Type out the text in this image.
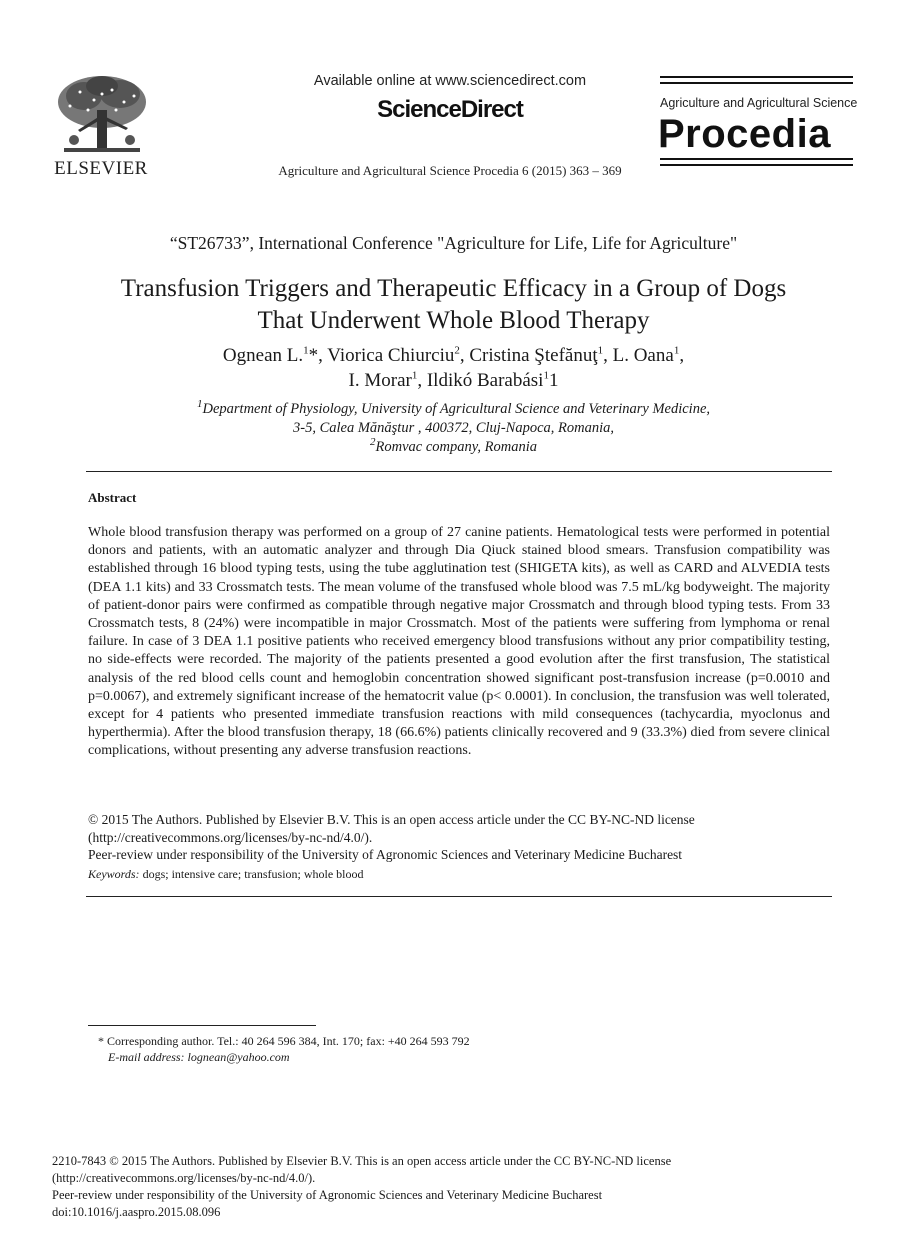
ELSEVIER
Available online at www.sciencedirect.com
ScienceDirect
Agriculture and Agricultural Science Procedia 6 (2015) 363 – 369
Agriculture and Agricultural Science
Procedia
“ST26733”, International Conference "Agriculture for Life, Life for Agriculture"
Transfusion Triggers and Therapeutic Efficacy in a Group of Dogs
That Underwent Whole Blood Therapy
Ognean L.$^1$*, Viorica Chiurciu$^2$, Cristina Ştefănuţ$^1$, L. Oana$^1$,
I. Morar$^1$, Ildikó Barabási$^1$1
$^1$Department of Physiology, University of Agricultural Science and Veterinary Medicine,
3-5, Calea Mănăştur , 400372, Cluj-Napoca, Romania,
$^2$Romvac company, Romania
Abstract
Whole blood transfusion therapy was performed on a group of 27 canine patients. Hematological tests were performed in potential donors and patients, with an automatic analyzer and through Dia Qiuck stained blood smears. Transfusion compatibility was established through 16 blood typing tests, using the tube agglutination test (SHIGETA kits), as well as CARD and ALVEDIA tests (DEA 1.1 kits) and 33 Crossmatch tests. The mean volume of the transfused whole blood was 7.5 mL/kg bodyweight. The majority of patient-donor pairs were confirmed as compatible through negative major Crossmatch and through blood typing tests. From 33 Crossmatch tests, 8 (24%) were incompatible in major Crossmatch. Most of the patients were suffering from lymphoma or renal failure. In case of 3 DEA 1.1 positive patients who received emergency blood transfusions without any prior compatibility testing, no side-effects were recorded. The majority of the patients presented a good evolution after the first transfusion, The statistical analysis of the red blood cells count and hemoglobin concentration showed significant post-transfusion increase (p=0.0010 and p=0.0067), and extremely significant increase of the hematocrit value (p< 0.0001). In conclusion, the transfusion was well tolerated, except for 4 patients who presented immediate transfusion reactions with mild consequences (tachycardia, myoclonus and hyperthermia). After the blood transfusion therapy, 18 (66.6%) patients clinically recovered and 9 (33.3%) died from severe clinical complications, without presenting any adverse transfusion reactions.
© 2015 The Authors. Published by Elsevier B.V. This is an open access article under the CC BY-NC-ND license
(http://creativecommons.org/licenses/by-nc-nd/4.0/).
Peer-review under responsibility of the University of Agronomic Sciences and Veterinary Medicine Bucharest
Keywords: dogs; intensive care; transfusion; whole blood
* Corresponding author. Tel.: 40 264 596 384, Int. 170; fax: +40 264 593 792
E-mail address: lognean@yahoo.com
2210-7843 © 2015 The Authors. Published by Elsevier B.V. This is an open access article under the CC BY-NC-ND license
(http://creativecommons.org/licenses/by-nc-nd/4.0/).
Peer-review under responsibility of the University of Agronomic Sciences and Veterinary Medicine Bucharest
doi:10.1016/j.aaspro.2015.08.096
